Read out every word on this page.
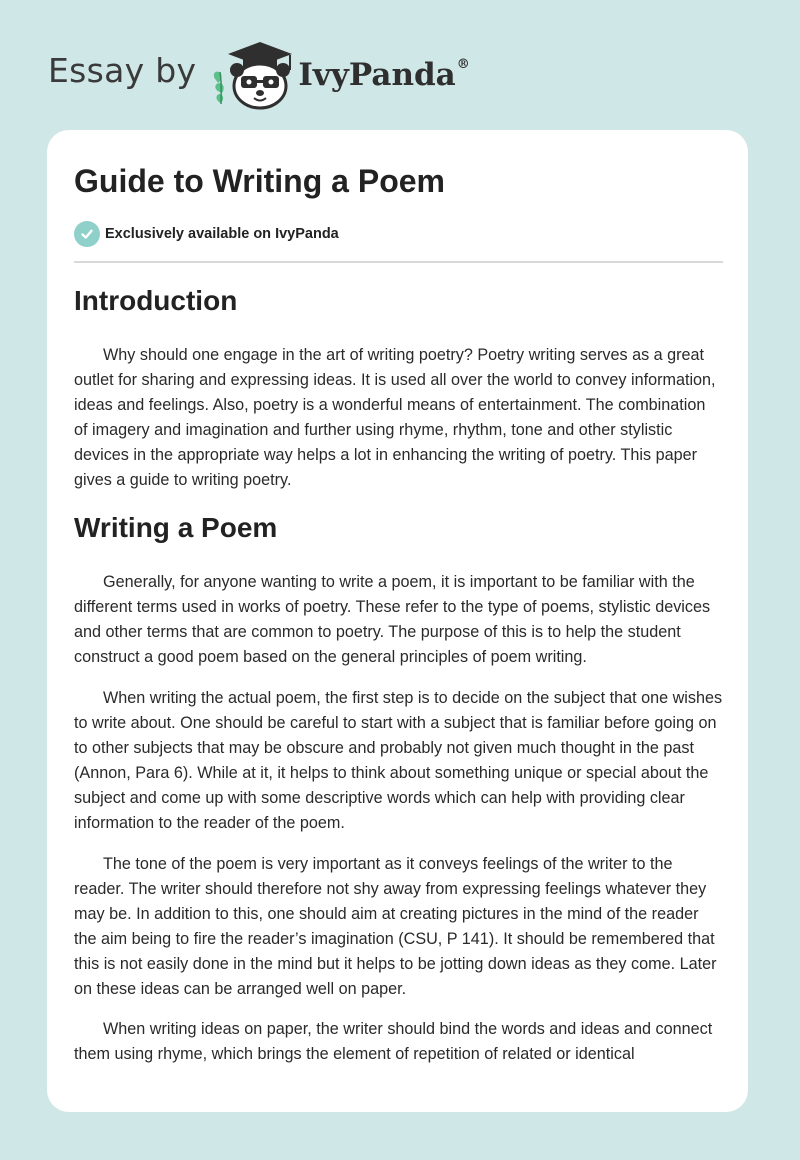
Essay by	IvyPanda®
Guide to Writing a Poem
Exclusively available on IvyPanda
Introduction

Why should one engage in the art of writing poetry? Poetry writing serves as a great outlet for sharing and expressing ideas. It is used all over the world to convey information, ideas and feelings. Also, poetry is a wonderful means of entertainment. The combination of imagery and imagination and further using rhyme, rhythm, tone and other stylistic devices in the appropriate way helps a lot in enhancing the writing of poetry. This paper gives a guide to writing poetry.

Writing a Poem

Generally, for anyone wanting to write a poem, it is important to be familiar with the different terms used in works of poetry. These refer to the type of poems, stylistic devices and other terms that are common to poetry. The purpose of this is to help the student construct a good poem based on the general principles of poem writing.

When writing the actual poem, the first step is to decide on the subject that one wishes to write about. One should be careful to start with a subject that is familiar before going on to other subjects that may be obscure and probably not given much thought in the past (Annon, Para 6). While at it, it helps to think about something unique or special about the subject and come up with some descriptive words which can help with providing clear information to the reader of the poem.

The tone of the poem is very important as it conveys feelings of the writer to the reader. The writer should therefore not shy away from expressing feelings whatever they may be. In addition to this, one should aim at creating pictures in the mind of the reader the aim being to fire the reader’s imagination (CSU, P 141). It should be remembered that this is not easily done in the mind but it helps to be jotting down ideas as they come. Later on these ideas can be arranged well on paper.

When writing ideas on paper, the writer should bind the words and ideas and connect them using rhyme, which brings the element of repetition of related or identical
